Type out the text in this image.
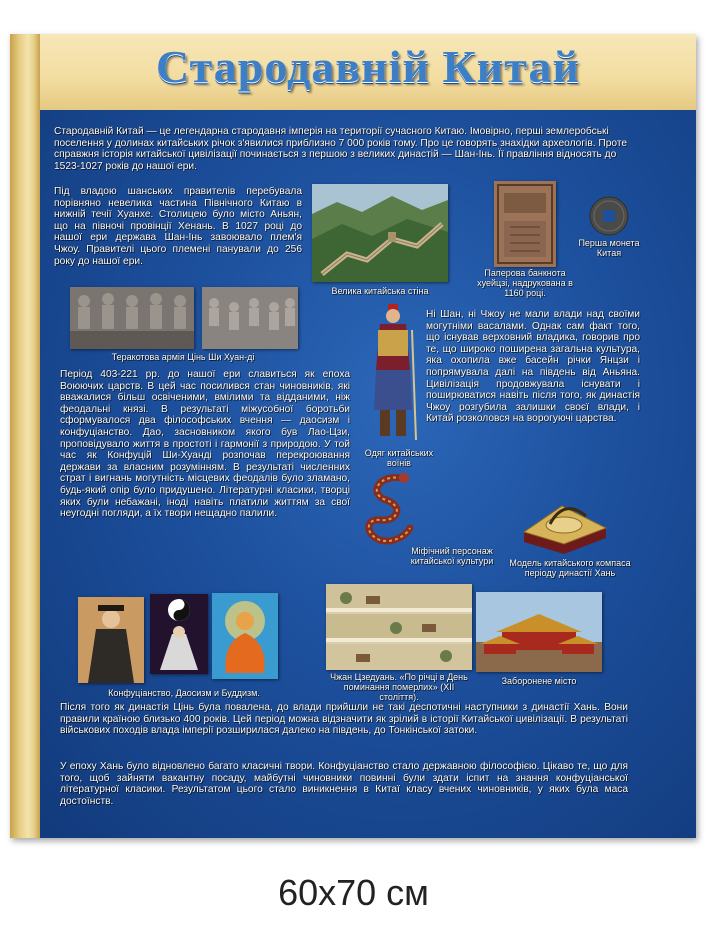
Стародавній Китай

Стародавній Китай — це легендарна стародавня імперія на території сучасного Китаю. Імовірно, перші землеробські поселення у долинах китайських річок з'явилися приблизно 7 000 років тому. Про це говорять знахідки археологів. Проте справжня історія китайської цивілізації починається з першою з великих династій — Шан-Інь. Її правління відносять до 1523-1027 років до нашої ери.

Під владою шанських правителів перебувала порівняно невелика частина Північного Китаю в нижній течії Хуанхе. Столицею було місто Аньян, що на півночі провінції Хенань. В 1027 році до нашої ери держава Шан-Інь завоювало плем'я Чжоу. Правителі цього племені панували до 256 року до нашої ери.

Велика китайська стіна
Паперова банкнота хуейцзі, надрукована в 1160 році.
Перша монета Китая
Теракотова армія Цінь Ши Хуан-ді
Одяг китайських воїнів

Ні Шан, ні Чжоу не мали влади над своїми могутніми васалами. Однак сам факт того, що існував верховний владика, говорив про те, що широко поширена загальна культура, яка охопила вже басейн річки Янцзи і попрямувала далі на південь від Аньяна. Цивілізація продовжувала існувати і поширюватися навіть після того, як династія Чжоу розгубила залишки своєї влади, і Китай розколовся на ворогуючі царства.

Період 403-221 рр. до нашої ери славиться як епоха Воюючих царств. В цей час посилився стан чиновників, які вважалися більш освіченими, вмілими та відданими, ніж феодальні князі. В результаті міжусобної боротьби сформувалося два філософських вчення — даосизм і конфуціанство. Дао, засновником якого був Лао-Цзи, проповідувало життя в простоті і гармонії з природою. У той час як Конфуцій Ши-Хуанді розпочав перекроювання держави за власним розумінням. В результаті численних страт і вигнань могутність місцевих феодалів було зламано, будь-який опір було придушено. Літературні класики, творці яких були небажані, іноді навіть платили життям за свої неугодні погляди, а їх твори нещадно палили.

Міфічний персонаж китайської культури	Модель китайського компаса періоду династії Хань
Конфуціанство, Даосизм и Буддизм.
Чжан Цзедуань. «По річці в День поминання померлих» (XII століття).
Заборонене місто

Після того як династія Цінь була повалена, до влади прийшли не такі деспотичні наступники з династії Хань. Вони правили країною близько 400 років. Цей період можна відзначити як зрілий в історії Китайської цивілізації. В результаті військових походів влада імперії розширилася далеко на південь, до Тонкінської затоки.

У епоху Хань було відновлено багато класичні твори. Конфуціанство стало державною філософією. Цікаво те, що для того, щоб зайняти вакантну посаду, майбутні чиновники повинні були здати іспит на знання конфуціанської літературної класики. Результатом цього стало виникнення в Китаї класу вчених чиновників, у яких була маса достоїнств.

60x70 см
